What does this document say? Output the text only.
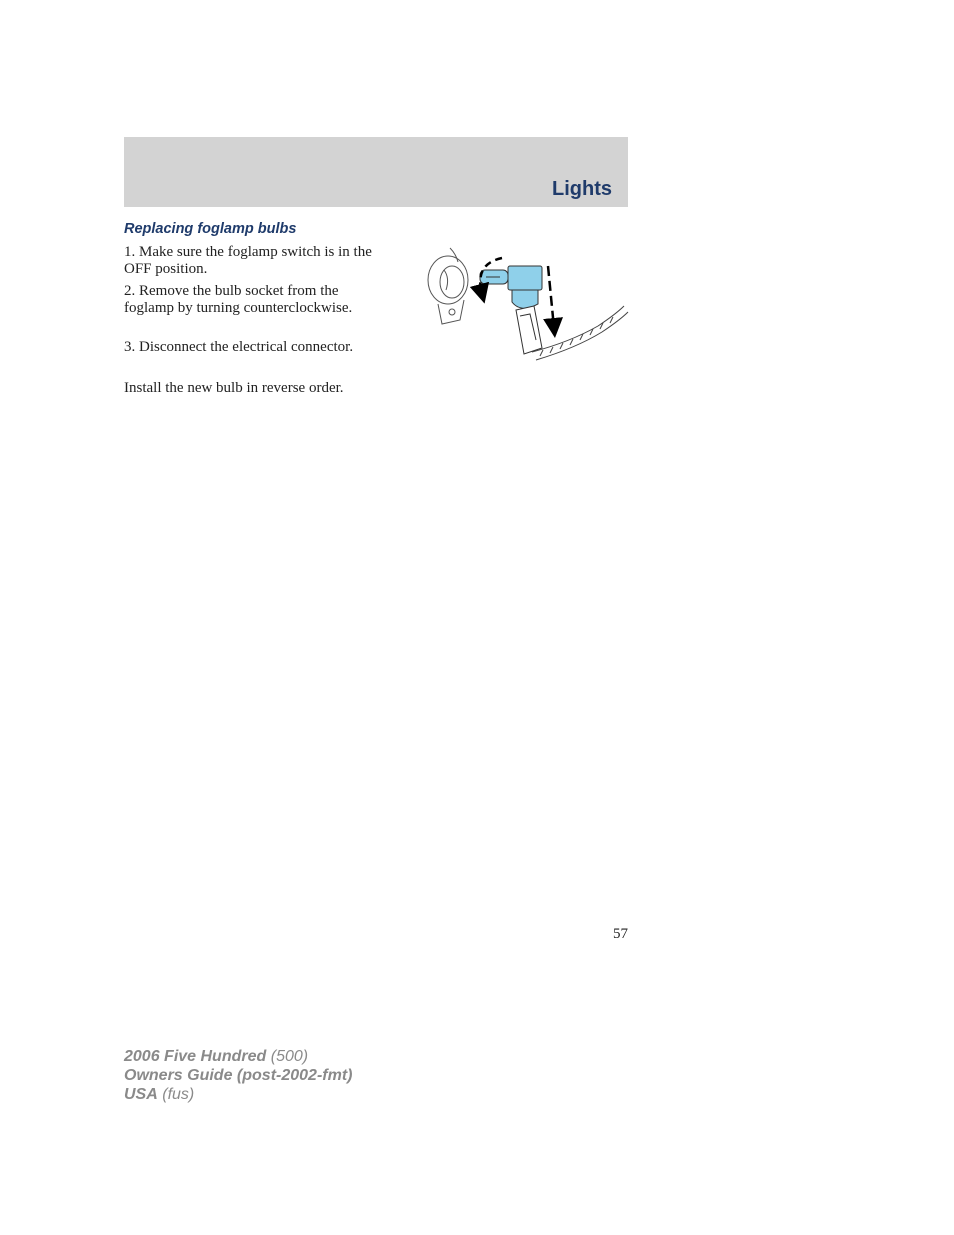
Lights
Replacing foglamp bulbs
1. Make sure the foglamp switch is in the OFF position.
2. Remove the bulb socket from the foglamp by turning counterclockwise.
3. Disconnect the electrical connector.
Install the new bulb in reverse order.
57
2006 Five Hundred (500)
Owners Guide (post-2002-fmt)
USA (fus)
